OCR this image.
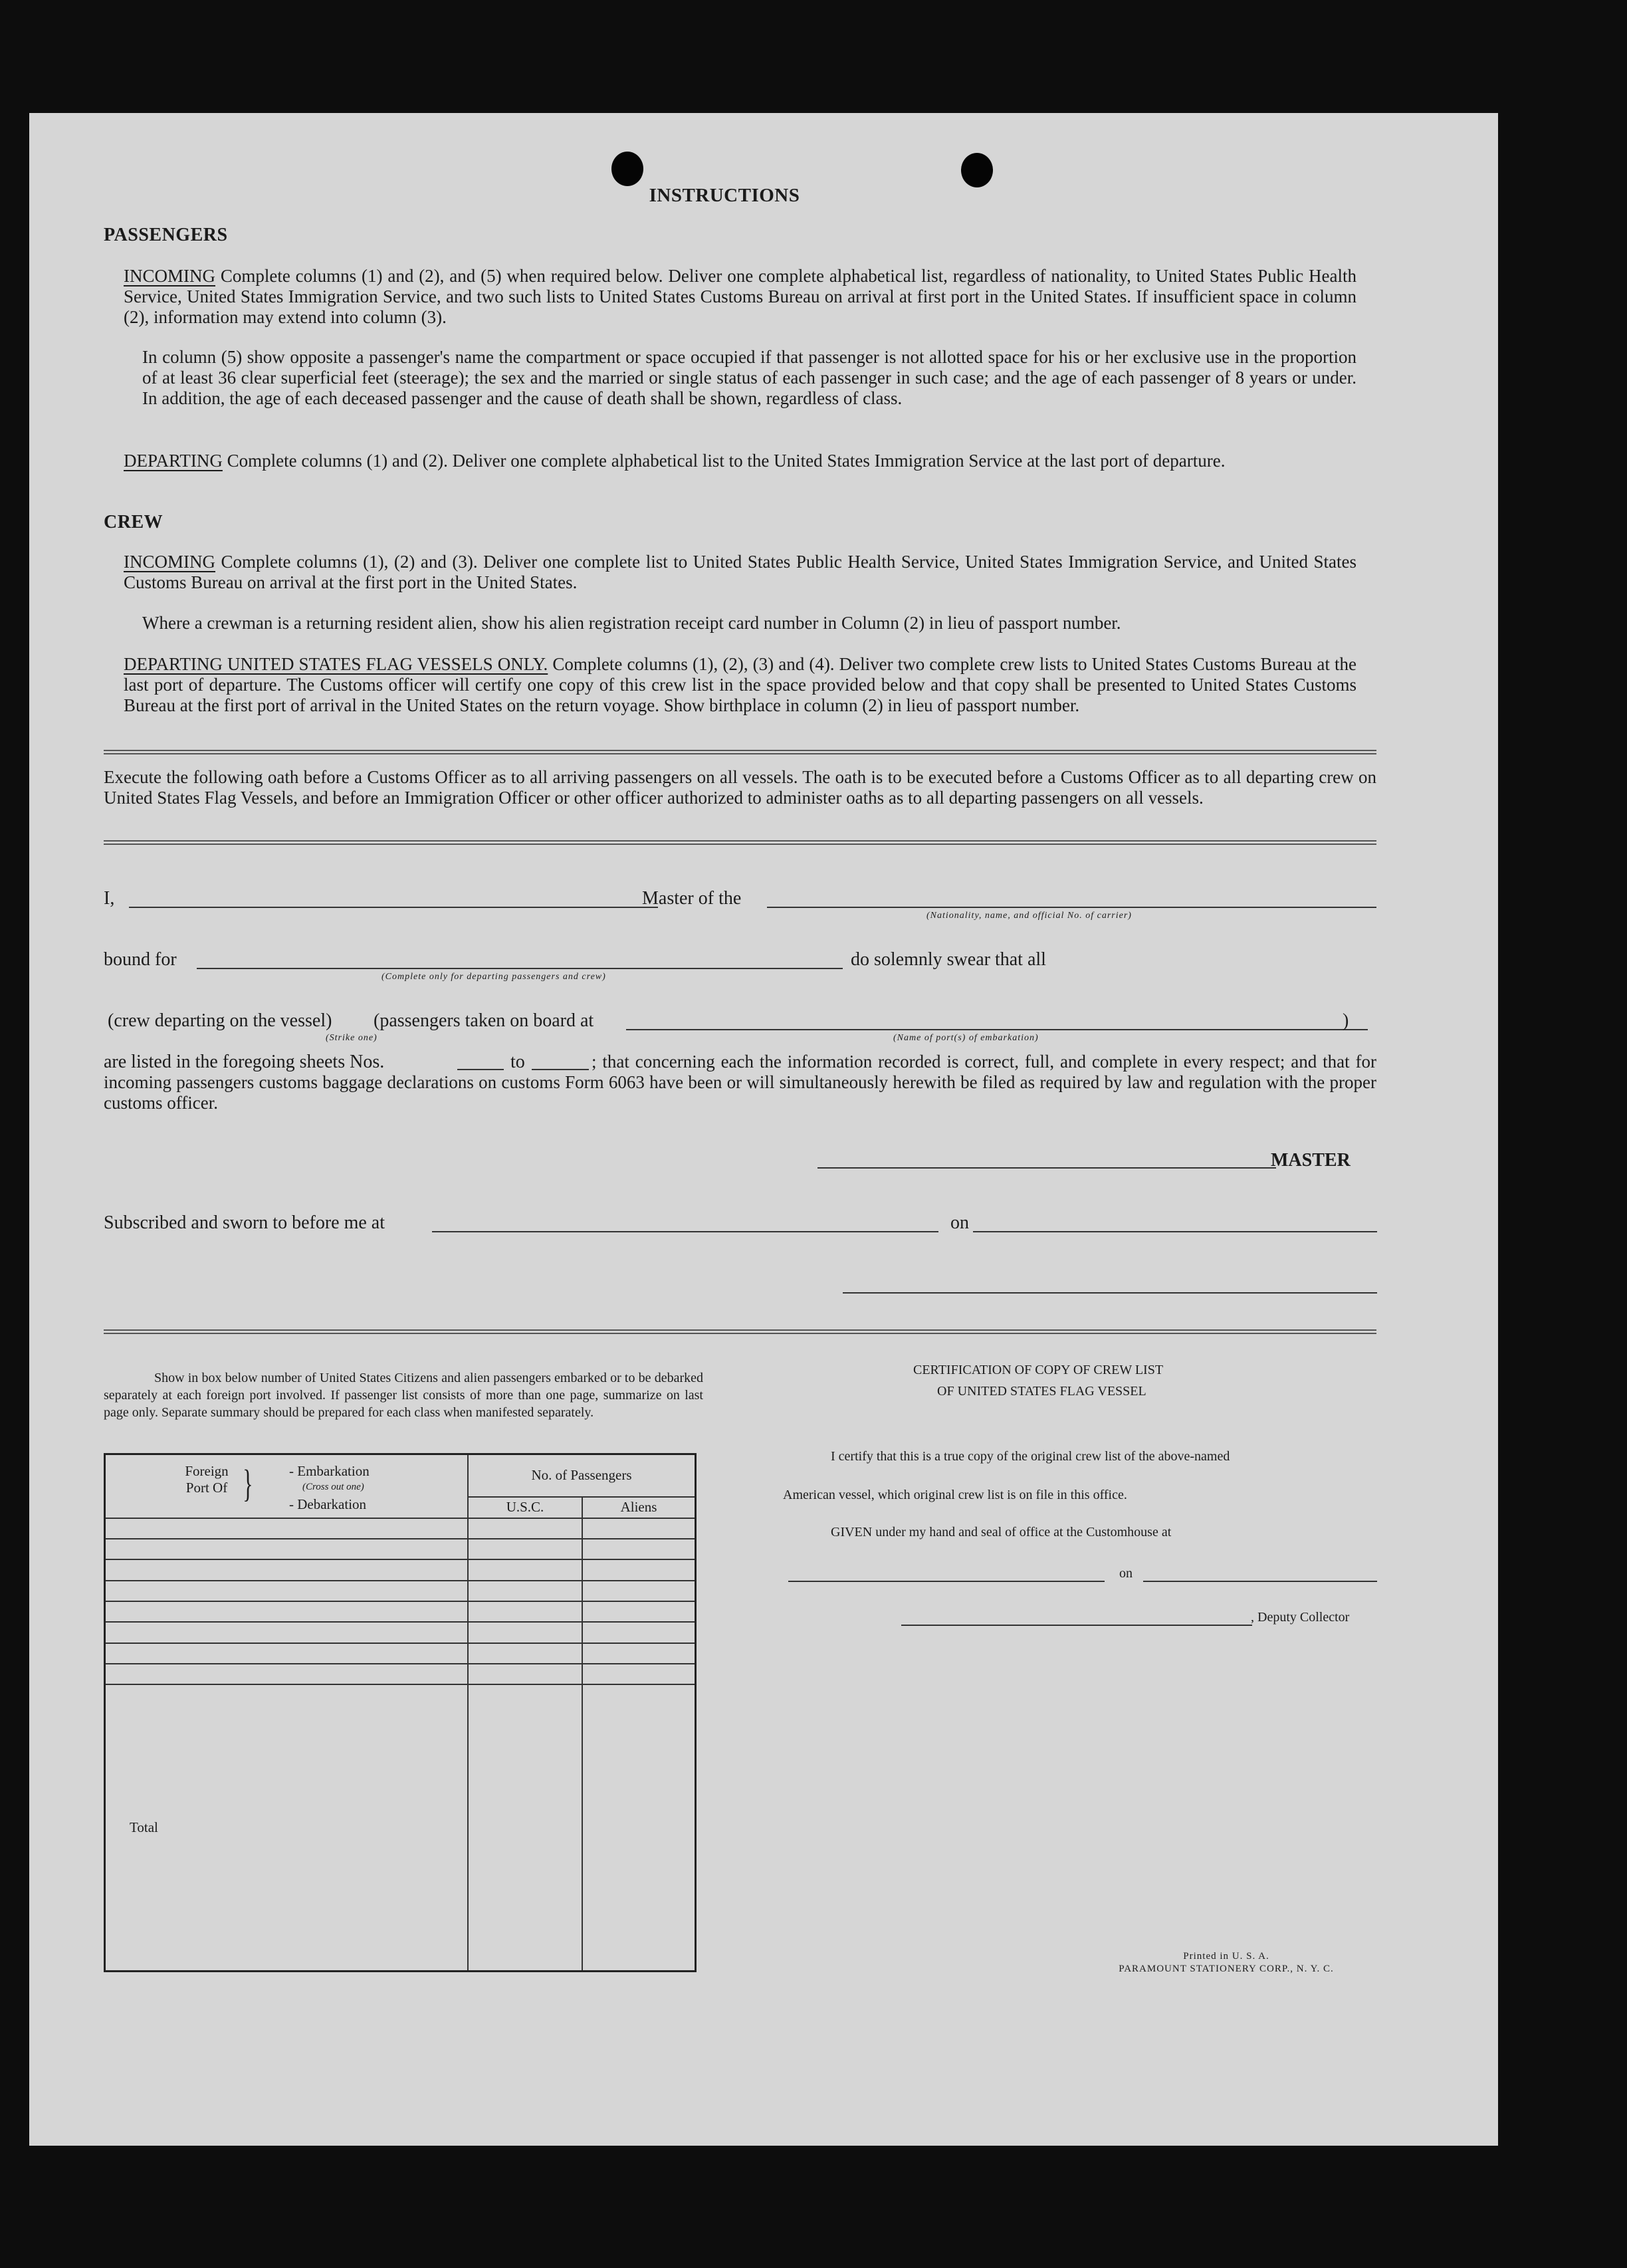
INSTRUCTIONS
PASSENGERS
INCOMING Complete columns (1) and (2), and (5) when required below. Deliver one complete alphabetical list, regardless of nationality, to United States Public Health Service, United States Immigration Service, and two such lists to United States Customs Bureau on arrival at first port in the United States. If insufficient space in column (2), information may extend into column (3).
In column (5) show opposite a passenger's name the compartment or space occupied if that passenger is not allotted space for his or her exclusive use in the proportion of at least 36 clear superficial feet (steerage); the sex and the married or single status of each passenger in such case; and the age of each passenger of 8 years or under. In addition, the age of each deceased passenger and the cause of death shall be shown, regardless of class.
DEPARTING Complete columns (1) and (2). Deliver one complete alphabetical list to the United States Immigration Service at the last port of departure.
CREW
INCOMING Complete columns (1), (2) and (3). Deliver one complete list to United States Public Health Service, United States Immigration Service, and United States Customs Bureau on arrival at the first port in the United States.
Where a crewman is a returning resident alien, show his alien registration receipt card number in Column (2) in lieu of passport number.
DEPARTING UNITED STATES FLAG VESSELS ONLY. Complete columns (1), (2), (3) and (4). Deliver two complete crew lists to United States Customs Bureau at the last port of departure. The Customs officer will certify one copy of this crew list in the space provided below and that copy shall be presented to United States Customs Bureau at the first port of arrival in the United States on the return voyage. Show birthplace in column (2) in lieu of passport number.
Execute the following oath before a Customs Officer as to all arriving passengers on all vessels. The oath is to be executed before a Customs Officer as to all departing crew on United States Flag Vessels, and before an Immigration Officer or other officer authorized to administer oaths as to all departing passengers on all vessels.
I,	Master of the
(Nationality, name, and official No. of carrier)
bound for
(Complete only for departing passengers and crew)
do solemnly swear that all
(crew departing on the vessel)
(Strike one)
(passengers taken on board at
(Name of port(s) of embarkation)
)
are listed in the foregoing sheets Nos.	to	; that concerning each the information recorded is correct, full, and complete in every respect; and that for incoming passengers customs baggage declarations on customs Form 6063 have been or will simultaneously herewith be filed as required by law and regulation with the proper customs officer.
MASTER
Subscribed and sworn to before me at	on
Show in box below number of United States Citizens and alien passengers embarked or to be debarked separately at each foreign port involved. If passenger list consists of more than one page, summarize on last page only. Separate summary should be prepared for each class when manifested separately.
Foreign Port Of } - Embarkation
(Cross out one)
- Debarkation	No. of Passengers	
	U.S.C.	Aliens

Total		
CERTIFICATION OF COPY OF CREW LIST
OF UNITED STATES FLAG VESSEL
I certify that this is a true copy of the original crew list of the above-named
American vessel, which original crew list is on file in this office.
GIVEN under my hand and seal of office at the Customhouse at
on
, Deputy Collector
Printed in U. S. A.
PARAMOUNT STATIONERY CORP., N. Y. C.
